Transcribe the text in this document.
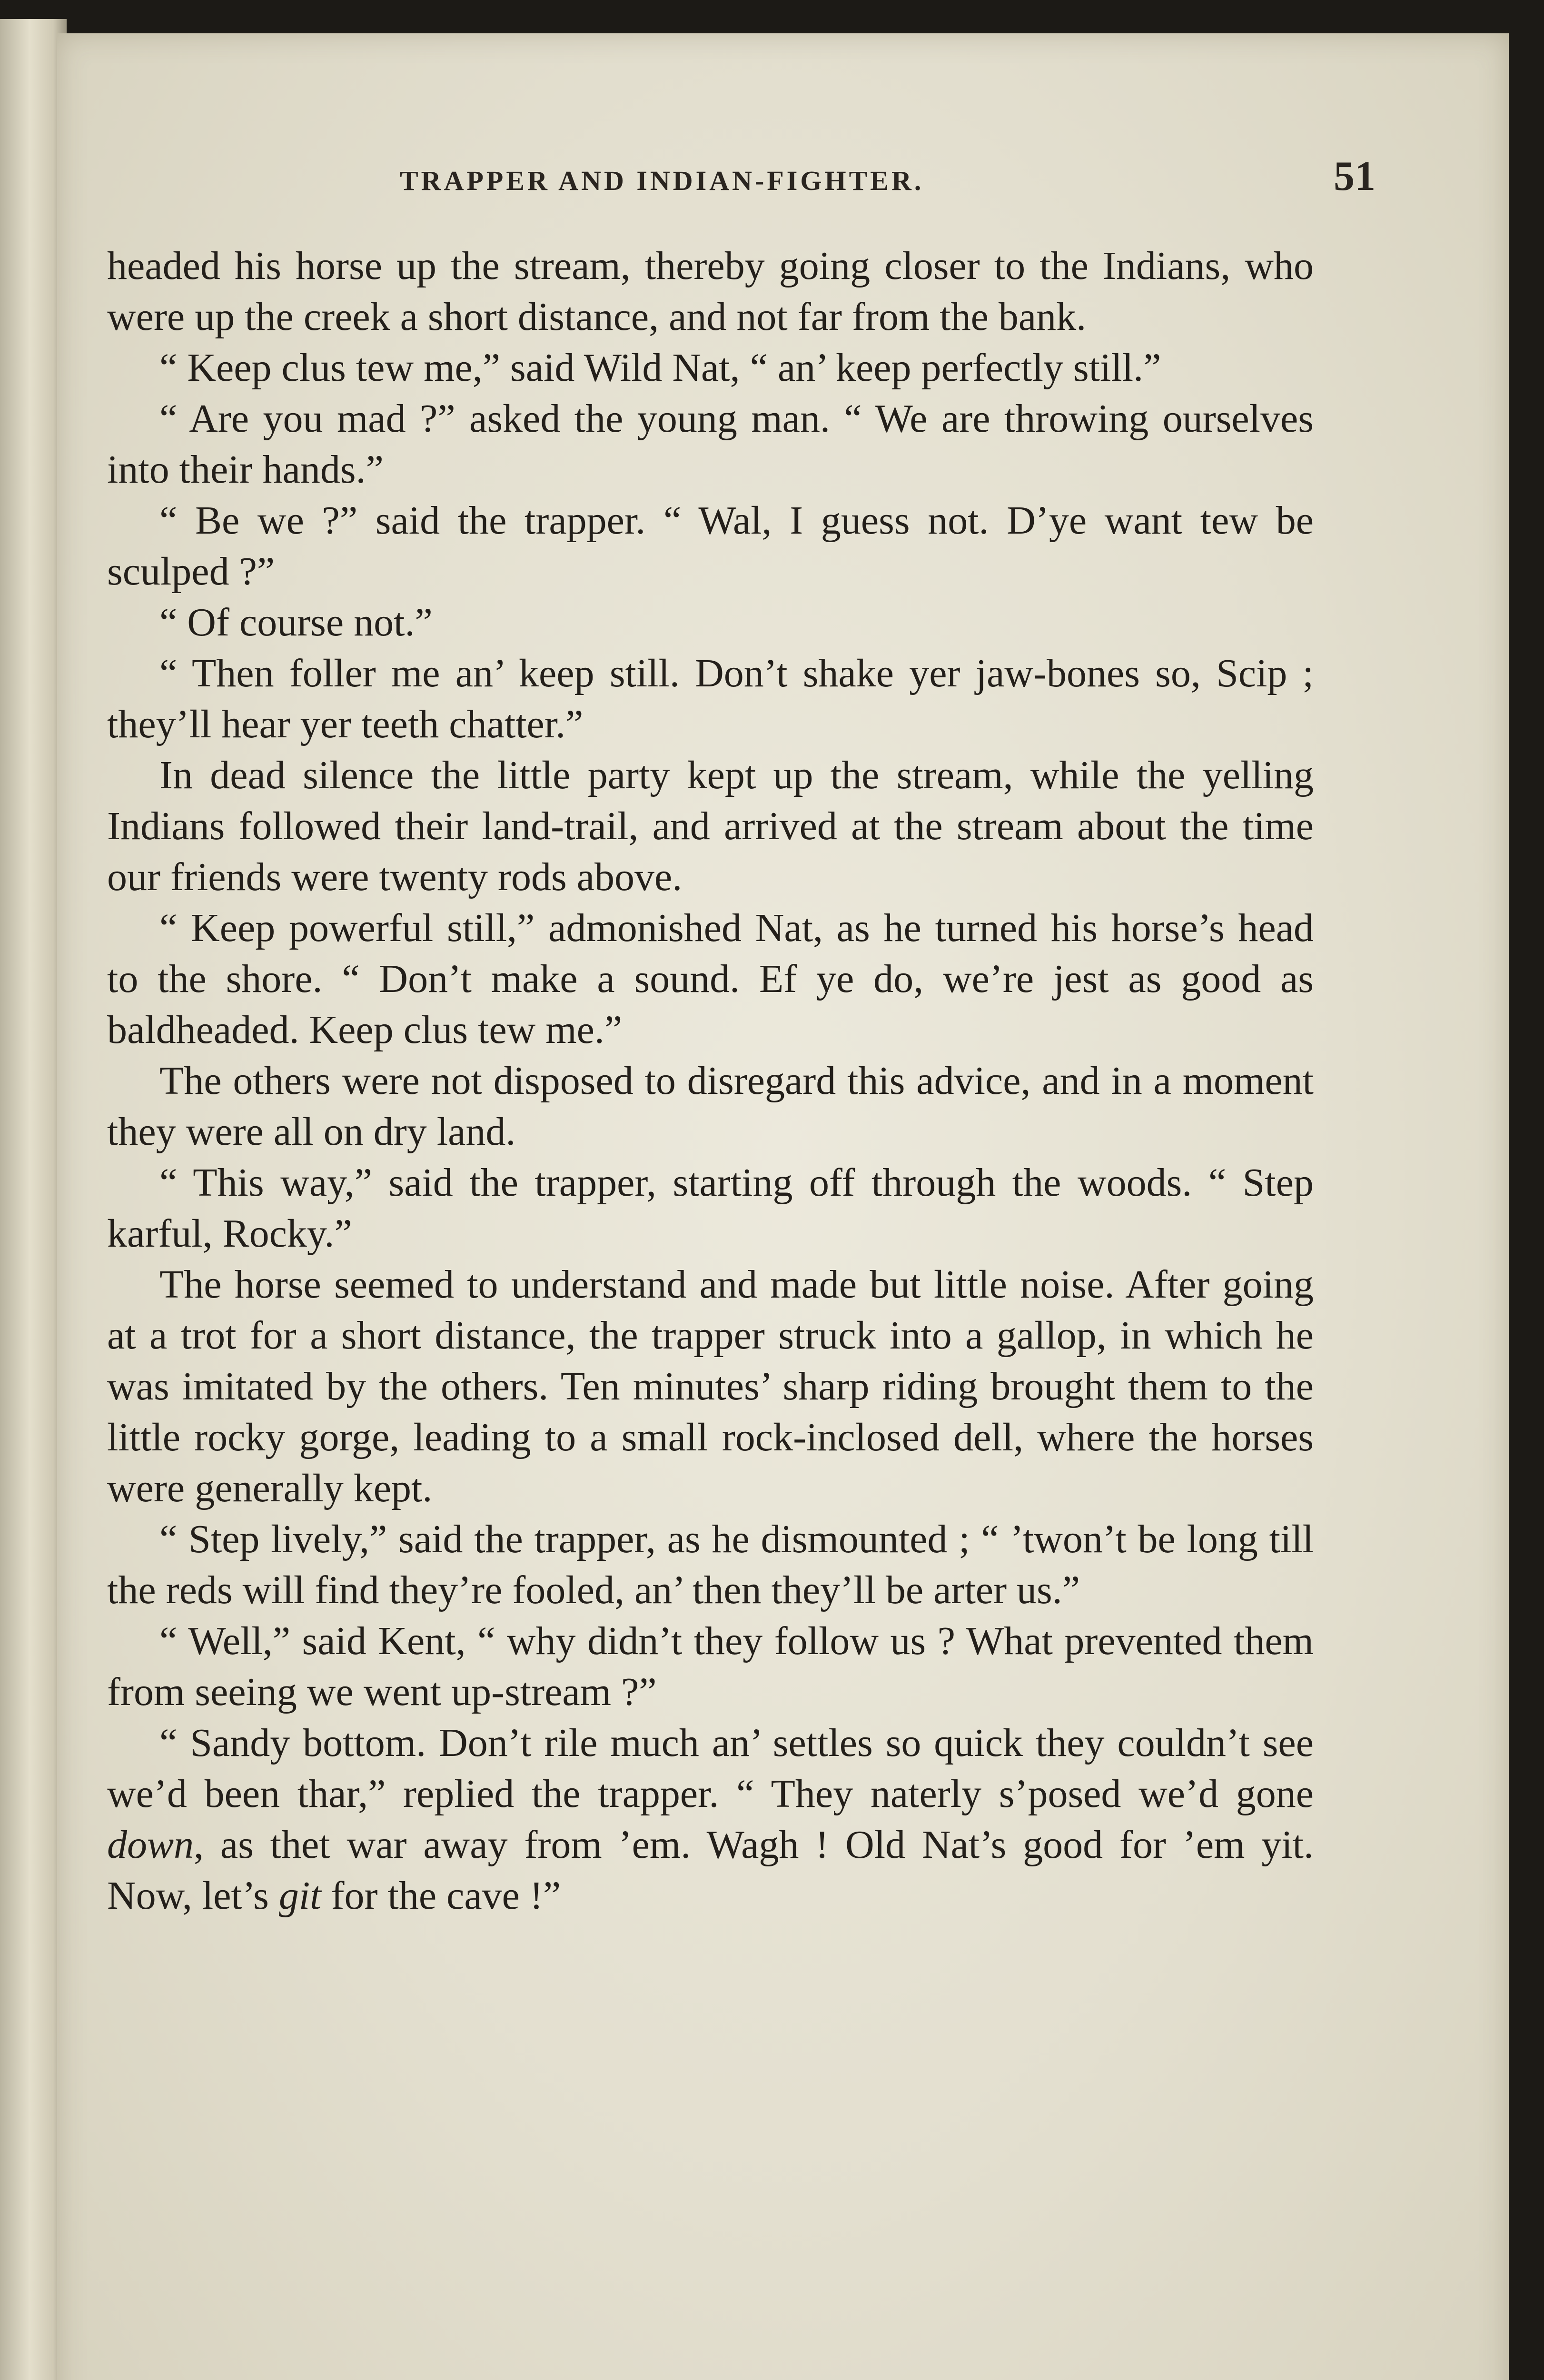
TRAPPER AND INDIAN-FIGHTER.	51

headed his horse up the stream, thereby going closer to the Indians, who were up the creek a short distance, and not far from the bank.

“ Keep clus tew me,” said Wild Nat, “ an’ keep perfectly still.”

“ Are you mad ?” asked the young man. “ We are throwing ourselves into their hands.”

“ Be we ?” said the trapper. “ Wal, I guess not. D’ye want tew be sculped ?”

“ Of course not.”

“ Then foller me an’ keep still. Don’t shake yer jaw-bones so, Scip ; they’ll hear yer teeth chatter.”

In dead silence the little party kept up the stream, while the yelling Indians followed their land-trail, and arrived at the stream about the time our friends were twenty rods above.

“ Keep powerful still,” admonished Nat, as he turned his horse’s head to the shore. “ Don’t make a sound. Ef ye do, we’re jest as good as baldheaded. Keep clus tew me.”

The others were not disposed to disregard this advice, and in a moment they were all on dry land.

“ This way,” said the trapper, starting off through the woods. “ Step karful, Rocky.”

The horse seemed to understand and made but little noise. After going at a trot for a short distance, the trapper struck into a gallop, in which he was imitated by the others. Ten minutes’ sharp riding brought them to the little rocky gorge, leading to a small rock-inclosed dell, where the horses were generally kept.

“ Step lively,” said the trapper, as he dismounted ; “ ’twon’t be long till the reds will find they’re fooled, an’ then they’ll be arter us.”

“ Well,” said Kent, “ why didn’t they follow us ? What prevented them from seeing we went up-stream ?”

“ Sandy bottom. Don’t rile much an’ settles so quick they couldn’t see we’d been thar,” replied the trapper. “ They naterly s’posed we’d gone down, as thet war away from ’em. Wagh ! Old Nat’s good for ’em yit. Now, let’s git for the cave !”
